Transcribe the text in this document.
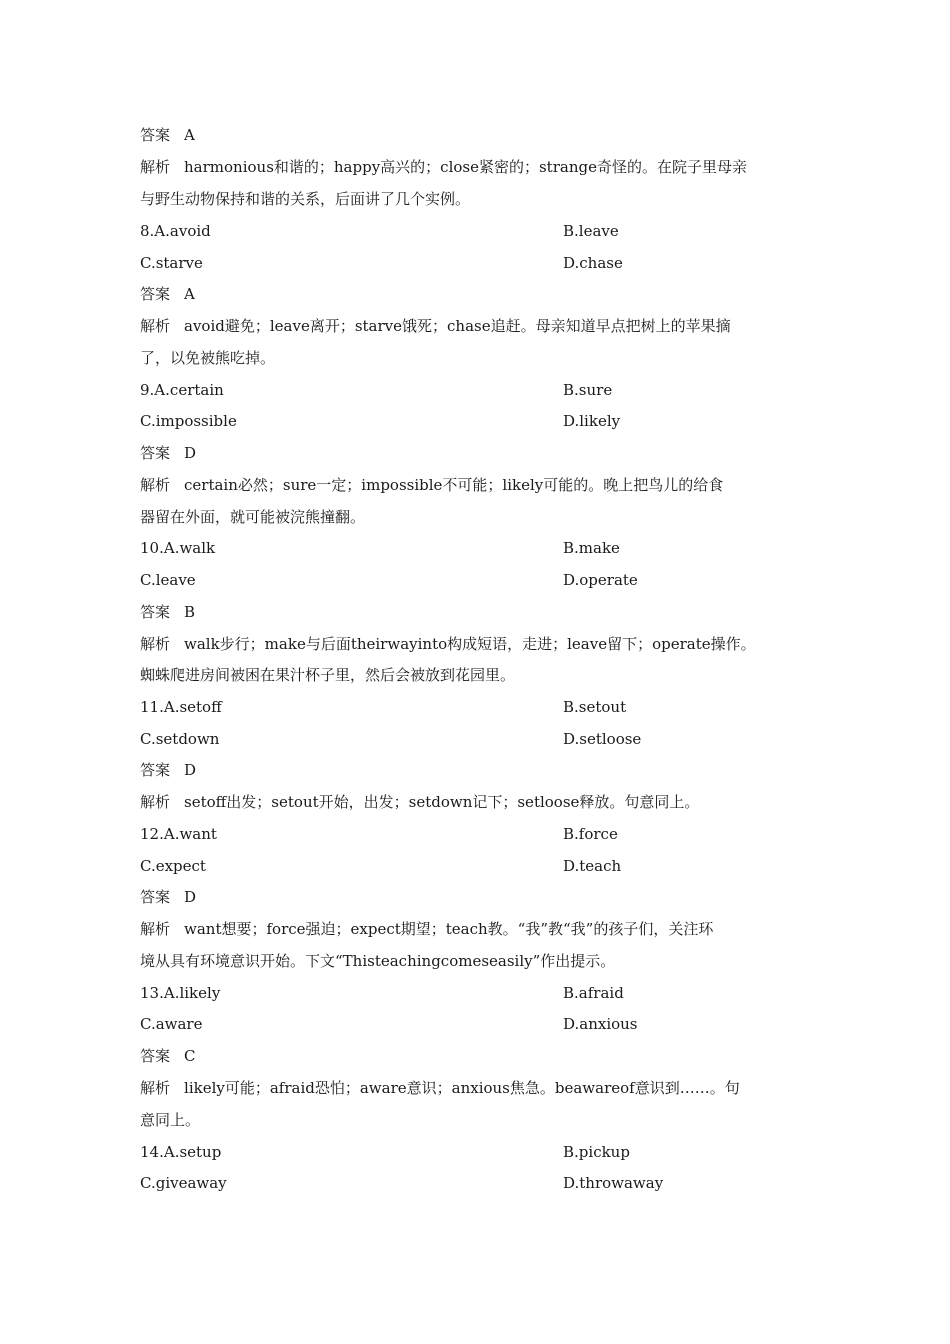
答案 A
解析 harmonious和谐的；happy高兴的；close紧密的；strange奇怪的。在院子里母亲
与野生动物保持和谐的关系，后面讲了几个实例。
8.A.avoid	B.leave
C.starve	D.chase
答案 A
解析 avoid避免；leave离开；starve饿死；chase追赶。母亲知道早点把树上的苹果摘
了，以免被熊吃掉。
9.A.certain	B.sure
C.impossible	D.likely
答案 D
解析 certain必然；sure一定；impossible不可能；likely可能的。晚上把鸟儿的给食
器留在外面，就可能被浣熊撞翻。
10.A.walk	B.make
C.leave	D.operate
答案 B
解析 walk步行；make与后面theirwayinto构成短语，走进；leave留下；operate操作。
蜘蛛爬进房间被困在果汁杯子里，然后会被放到花园里。
11.A.setoff	B.setout
C.setdown	D.setloose
答案 D
解析 setoff出发；setout开始，出发；setdown记下；setloose释放。句意同上。
12.A.want	B.force
C.expect	D.teach
答案 D
解析 want想要；force强迫；expect期望；teach教。“我”教“我”的孩子们，关注环
境从具有环境意识开始。下文“Thisteachingcomeseasily”作出提示。
13.A.likely	B.afraid
C.aware	D.anxious
答案 C
解析 likely可能；afraid恐怕；aware意识；anxious焦急。beawareof意识到……。句
意同上。
14.A.setup	B.pickup
C.giveaway	D.throwaway
